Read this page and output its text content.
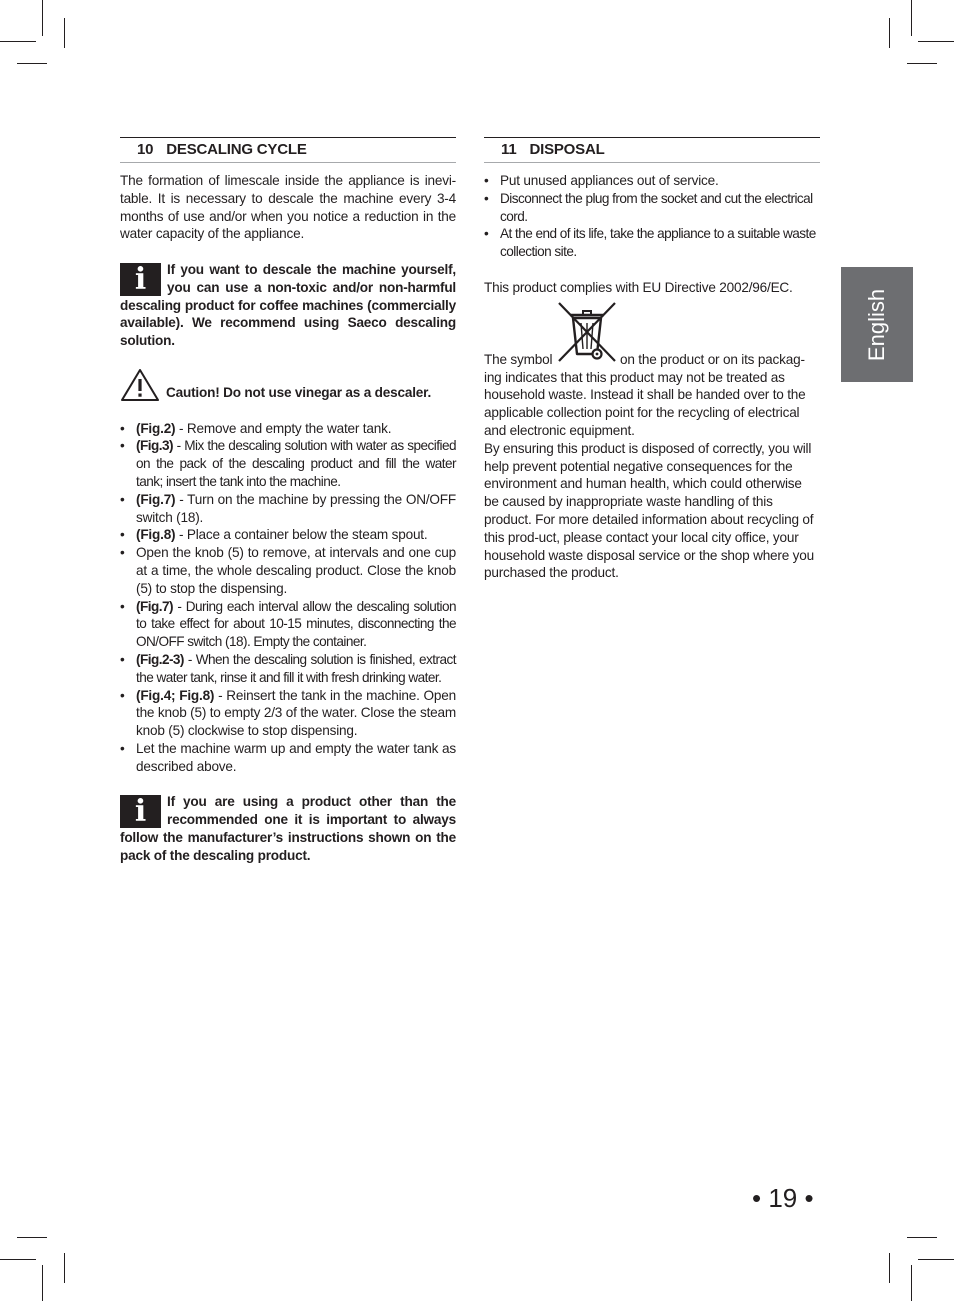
10 DESCALING CYCLE

The formation of limescale inside the appliance is inevi-table. It is necessary to descale the machine every 3-4 months of use and/or when you notice a reduction in the water capacity of the appliance.

i	If you want to descale the machine yourself, you can use a non-toxic and/or non-harmful descaling product for coffee machines (commercially available). We recommend using Saeco descaling solution.
Caution! Do not use vinegar as a descaler.
• (Fig.2) - Remove and empty the water tank.
• (Fig.3) - Mix the descaling solution with water as specified on the pack of the descaling product and fill the water tank; insert the tank into the machine.
• (Fig.7) - Turn on the machine by pressing the ON/OFF switch (18).
• (Fig.8) - Place a container below the steam spout.
• Open the knob (5) to remove, at intervals and one cup at a time, the whole descaling product. Close the knob (5) to stop the dispensing.
• (Fig.7) - During each interval allow the descaling solution to take effect for about 10-15 minutes, disconnecting the ON/OFF switch (18). Empty the container.
• (Fig.2-3) - When the descaling solution is finished, extract the water tank, rinse it and fill it with fresh drinking water.
• (Fig.4; Fig.8) - Reinsert the tank in the machine. Open the knob (5) to empty 2/3 of the water. Close the steam knob (5) clockwise to stop dispensing.
• Let the machine warm up and empty the water tank as described above.
i	If you are using a product other than the recommended one it is important to always follow the manufacturer’s instructions shown on the pack of the descaling product.
11 DISPOSAL
• Put unused appliances out of service.
• Disconnect the plug from the socket and cut the electrical cord.
• At the end of its life, take the appliance to a suitable waste collection site.

This product complies with EU Directive 2002/96/EC.

The symbol	on the product or on its packag-

ing indicates that this product may not be treated as household waste. Instead it shall be handed over to the applicable collection point for the recycling of electrical and electronic equipment.

By ensuring this product is disposed of correctly, you will help prevent potential negative consequences for the environment and human health, which could otherwise be caused by inappropriate waste handling of this product. For more detailed information about recycling of this prod-uct, please contact your local city office, your household waste disposal service or the shop where you purchased the product.

English
• 19 •
